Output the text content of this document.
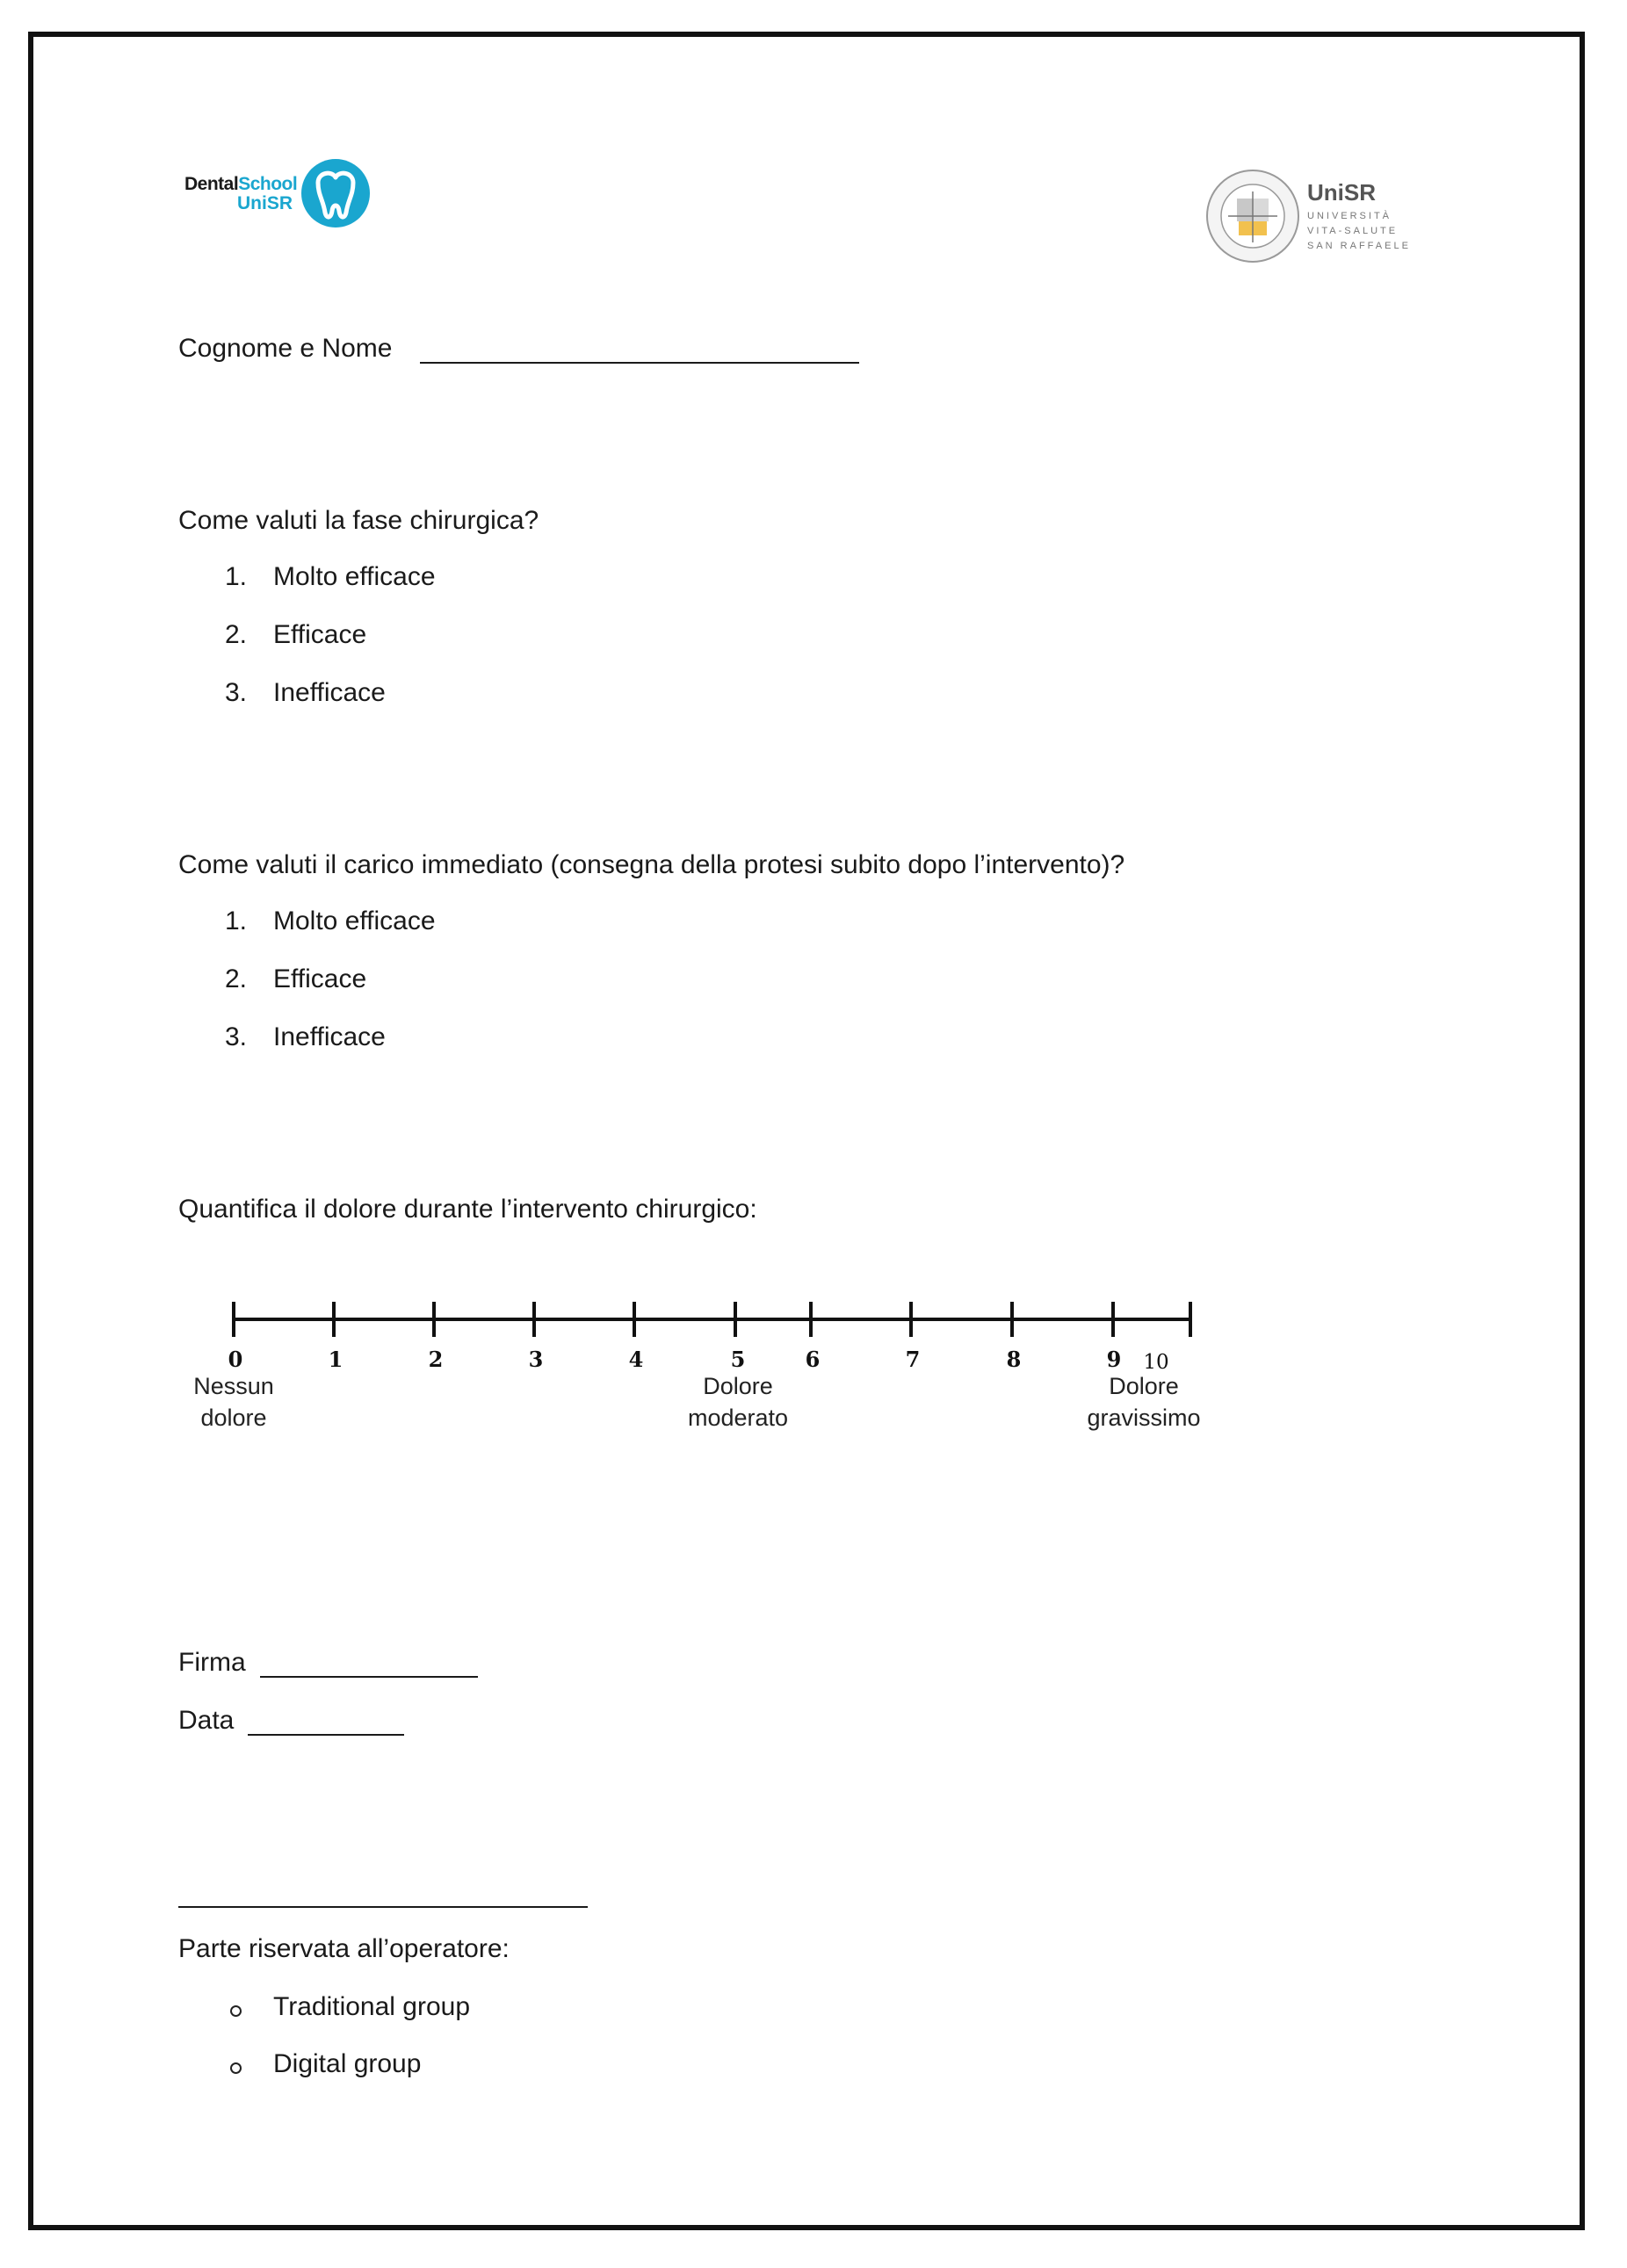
DentalSchool
UniSR	UniSR
UNIVERSITÀ
VITA-SALUTE
SAN RAFFAELE
Cognome e Nome
Come valuti la fase chirurgica?
1. Molto efficace
2. Efficace
3. Inefficace
Come valuti il carico immediato (consegna della protesi subito dopo l’intervento)?
1. Molto efficace
2. Efficace
3. Inefficace
Quantifica il dolore durante l’intervento chirurgico:
0	1	2	3	4	5	6	7	8	9 10
Nessun
dolore
Dolore
moderato
Dolore
gravissimo
Firma
Data
Parte riservata all’operatore:
Traditional group
Digital group
